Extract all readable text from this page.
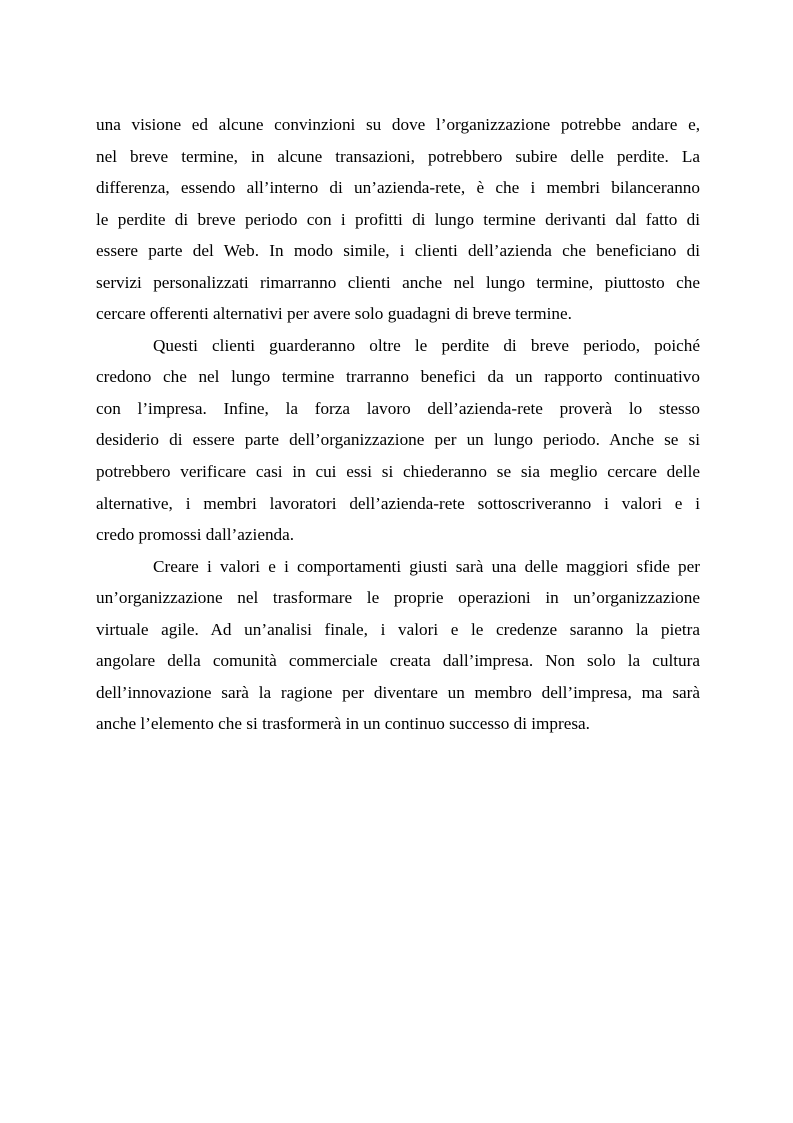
una visione ed alcune convinzioni su dove l’organizzazione potrebbe andare e,
nel breve termine, in alcune transazioni, potrebbero subire delle perdite. La
differenza, essendo all’interno di un’azienda-rete, è che i membri bilanceranno
le perdite di breve periodo con i profitti di lungo termine derivanti dal fatto di
essere parte del Web. In modo simile, i clienti dell’azienda che beneficiano di
servizi personalizzati rimarranno clienti anche nel lungo termine, piuttosto che
cercare offerenti alternativi per avere solo guadagni di breve termine.
Questi clienti guarderanno oltre le perdite di breve periodo, poiché
credono che nel lungo termine trarranno benefici da un rapporto continuativo
con l’impresa. Infine, la forza lavoro dell’azienda-rete proverà lo stesso
desiderio di essere parte dell’organizzazione per un lungo periodo. Anche se si
potrebbero verificare casi in cui essi si chiederanno se sia meglio cercare delle
alternative, i membri lavoratori dell’azienda-rete sottoscriveranno i valori e i
credo promossi dall’azienda.
Creare i valori e i comportamenti giusti sarà una delle maggiori sfide per
un’organizzazione nel trasformare le proprie operazioni in un’organizzazione
virtuale agile. Ad un’analisi finale, i valori e le credenze saranno la pietra
angolare della comunità commerciale creata dall’impresa. Non solo la cultura
dell’innovazione sarà la ragione per diventare un membro dell’impresa, ma sarà
anche l’elemento che si trasformerà in un continuo successo di impresa.
